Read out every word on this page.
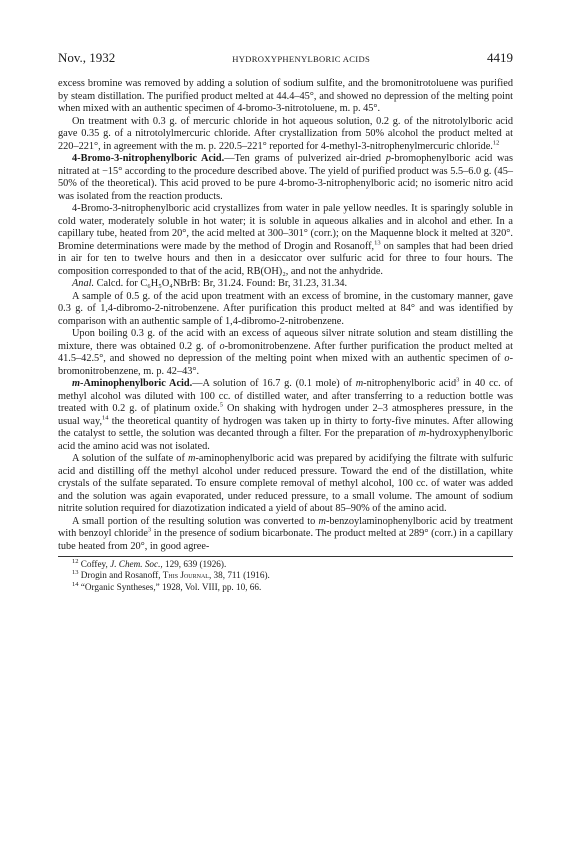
Nov., 1932	HYDROXYPHENYLBORIC ACIDS	4419

excess bromine was removed by adding a solution of sodium sulfite, and the bromonitrotoluene was purified by steam distillation. The purified product melted at 44.4–45°, and showed no depression of the melting point when mixed with an authentic specimen of 4-bromo-3-nitrotoluene, m. p. 45°.

On treatment with 0.3 g. of mercuric chloride in hot aqueous solution, 0.2 g. of the nitrotolylboric acid gave 0.35 g. of a nitrotolylmercuric chloride. After crystallization from 50% alcohol the product melted at 220–221°, in agreement with the m. p. 220.5–221° reported for 4-methyl-3-nitrophenylmercuric chloride.$^{12}$

4-Bromo-3-nitrophenylboric Acid.—Ten grams of pulverized air-dried p-bromophenylboric acid was nitrated at −15° according to the procedure described above. The yield of purified product was 5.5–6.0 g. (45–50% of the theoretical). This acid proved to be pure 4-bromo-3-nitrophenylboric acid; no isomeric nitro acid was isolated from the reaction products.

4-Bromo-3-nitrophenylboric acid crystallizes from water in pale yellow needles. It is sparingly soluble in cold water, moderately soluble in hot water; it is soluble in aqueous alkalies and in alcohol and ether. In a capillary tube, heated from 20°, the acid melted at 300–301° (corr.); on the Maquenne block it melted at 320°. Bromine determinations were made by the method of Drogin and Rosanoff,$^{13}$ on samples that had been dried in air for ten to twelve hours and then in a desiccator over sulfuric acid for three to four hours. The composition corresponded to that of the acid, RB(OH)₂, and not the anhydride.

Anal. Calcd. for C₆H₅O₄NBrB: Br, 31.24. Found: Br, 31.23, 31.34.

A sample of 0.5 g. of the acid upon treatment with an excess of bromine, in the customary manner, gave 0.3 g. of 1,4-dibromo-2-nitrobenzene. After purification this product melted at 84° and was identified by comparison with an authentic sample of 1,4-dibromo-2-nitrobenzene.

Upon boiling 0.3 g. of the acid with an excess of aqueous silver nitrate solution and steam distilling the mixture, there was obtained 0.2 g. of o-bromonitrobenzene. After further purification the product melted at 41.5–42.5°, and showed no depression of the melting point when mixed with an authentic specimen of o-bromonitrobenzene, m. p. 42–43°.

m-Aminophenylboric Acid.—A solution of 16.7 g. (0.1 mole) of m-nitrophenylboric acid$^3$ in 40 cc. of methyl alcohol was diluted with 100 cc. of distilled water, and after transferring to a reduction bottle was treated with 0.2 g. of platinum oxide.$^5$ On shaking with hydrogen under 2–3 atmospheres pressure, in the usual way,$^{14}$ the theoretical quantity of hydrogen was taken up in thirty to forty-five minutes. After allowing the catalyst to settle, the solution was decanted through a filter. For the preparation of m-hydroxyphenylboric acid the amino acid was not isolated.

A solution of the sulfate of m-aminophenylboric acid was prepared by acidifying the filtrate with sulfuric acid and distilling off the methyl alcohol under reduced pressure. Toward the end of the distillation, white crystals of the sulfate separated. To ensure complete removal of methyl alcohol, 100 cc. of water was added and the solution was again evaporated, under reduced pressure, to a small volume. The amount of sodium nitrite solution required for diazotization indicated a yield of about 85–90% of the amino acid.

A small portion of the resulting solution was converted to m-benzoylaminophenylboric acid by treatment with benzoyl chloride$^3$ in the presence of sodium bicarbonate. The product melted at 289° (corr.) in a capillary tube heated from 20°, in good agree-

$^{12}$ Coffey, J. Chem. Soc., 129, 639 (1926).

$^{13}$ Drogin and Rosanoff, This Journal, 38, 711 (1916).

$^{14}$ “Organic Syntheses,” 1928, Vol. VIII, pp. 10, 66.
